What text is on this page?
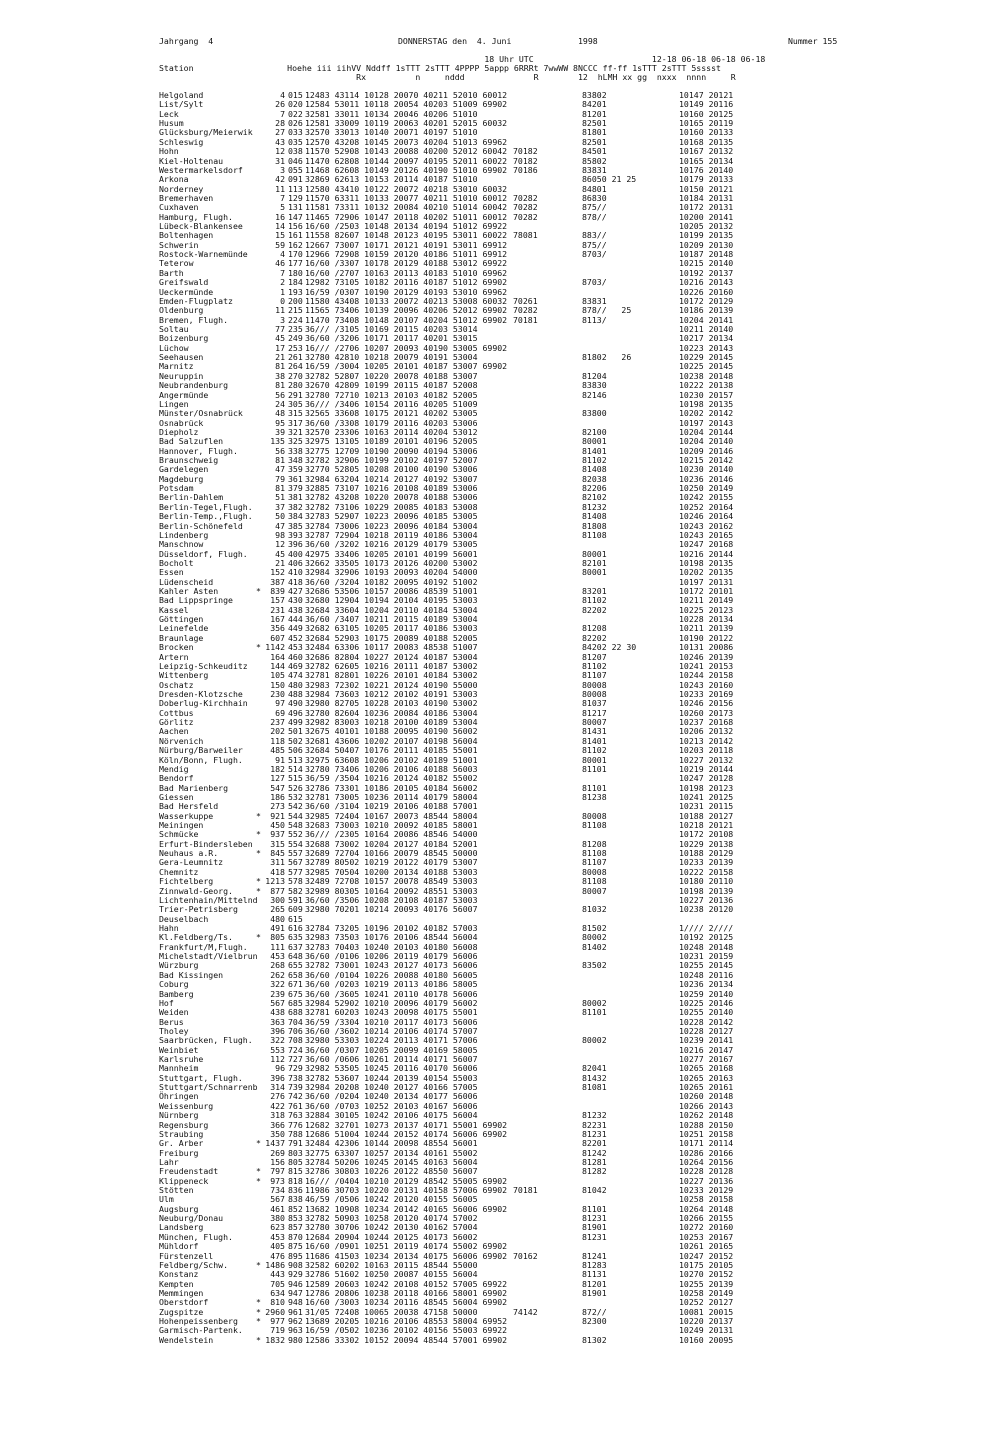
Jahrgang  4	DONNERSTAG den  4. Juni	1998	Nummer 155
18 Uhr UTC                        12-18 06-18 06-18 06-18
Station                   Hoehe iii iihVV Nddff 1sTTT 2sTTT 4PPPP 5appp 6RRRt 7wwWW 8NCCC ff-ff 1sTTT 2sTTT 5sssst
Rx          n     nddd              R        12  hLMH xx gg  nxxx  nnnn     R
Helgoland	4 015 12483 43114 10128 20070 40211 52010 60012	83802	10147 20121
List/Sylt	26 020 12584 53011 10118 20054 40203 51009 69902	84201	10149 20116
Leck	7 022 32581 33011 10134 20046 40206 51010	81201	10160 20125
Husum	28 026 12581 33009 10119 20063 40201 52015 60032	82501	10165 20119
Glücksburg/Meierwik	27 033 32570 33013 10140 20071 40197 51010	81801	10160 20133
Schleswig	43 035 12570 43208 10145 20073 40204 51013 69962	82501	10168 20135
Hohn	12 038 11570 52908 10143 20088 40200 52012 60042 70182	84501	10167 20132
Kiel-Holtenau	31 046 11470 62808 10144 20097 40195 52011 60022 70182	85802	10165 20134
Westermarkelsdorf	3 055 11468 62608 10149 20126 40190 51010 69902 70186	83831	10176 20140
Arkona	42 091 32869 62613 10153 20114 40187 51010	86050 21 25	10179 20133
Norderney	11 113 12580 43410 10122 20072 40218 53010 60032	84801	10150 20121
Bremerhaven	7 129 11570 63311 10133 20077 40211 51010 60012 70282	86830	10184 20131
Cuxhaven	5 131 11581 73311 10132 20084 40210 51014 60042 70282	875//	10172 20131
Hamburg, Flugh.	16 147 11465 72906 10147 20118 40202 51011 60012 70282	878//	10200 20141
Lübeck-Blankensee	14 156 16/60 /2503 10148 20134 40194 51012 69922	10205 20132
Boltenhagen	15 161 11558 82607 10148 20123 40195 53011 60022 78081	883//	10199 20135
Schwerin	59 162 12667 73007 10171 20121 40191 53011 69912	875//	10209 20130
Rostock-Warnemünde	4 170 12966 72908 10159 20120 40186 51011 69912	8703/	10187 20148
Teterow	46 177 16/60 /3307 10178 20129 40188 53012 69922	10215 20140
Barth	7 180 16/60 /2707 10163 20113 40183 51010 69962	10192 20137
Greifswald	2 184 12982 73105 10182 20116 40187 51012 69902	8703/	10216 20143
Ueckermünde	1 193 16/59 /0307 10190 20129 40193 53010 69962	10226 20160
Emden-Flugplatz	0 200 11580 43408 10133 20072 40213 53008 60032 70261	83831	10172 20129
Oldenburg	11 215 11565 73406 10139 20096 40206 52012 69902 70282	878//   25	10186 20139
Bremen, Flugh.	3 224 11470 73408 10148 20107 40204 51012 69902 70181	8113/	10204 20141
Soltau	77 235 36/// /3105 10169 20115 40203 53014	10211 20140
Boizenburg	45 249 36/60 /3206 10171 20117 40201 53015	10217 20134
Lüchow	17 253 16/// /2706 10207 20093 40190 53005 69902	10223 20143
Seehausen	21 261 32780 42810 10218 20079 40191 53004	81802   26	10229 20145
Marnitz	81 264 16/59 /3004 10205 20101 40187 53007 69902	10225 20145
Neuruppin	38 270 32782 52807 10220 20078 40188 53007	81204	10238 20148
Neubrandenburg	81 280 32670 42809 10199 20115 40187 52008	83830	10222 20138
Angermünde	56 291 32780 72710 10213 20103 40182 52005	82146	10230 20157
Lingen	24 305 36/// /3406 10154 20116 40205 51009	10198 20135
Münster/Osnabrück	48 315 32565 33608 10175 20121 40202 53005	83800	10202 20142
Osnabrück	95 317 36/60 /3308 10179 20116 40203 53006	10197 20143
Diepholz	39 321 32570 23306 10163 20114 40204 53012	82100	10204 20144
Bad Salzuflen	135 325 32975 13105 10189 20101 40196 52005	80001	10204 20140
Hannover, Flugh.	56 338 32775 12709 10190 20090 40194 53006	81401	10209 20146
Braunschweig	81 348 32782 32906 10199 20102 40197 52007	81102	10215 20142
Gardelegen	47 359 32770 52805 10208 20100 40190 53006	81408	10230 20140
Magdeburg	79 361 32984 63204 10214 20127 40192 53007	82038	10236 20146
Potsdam	81 379 32885 73107 10216 20108 40189 53006	82206	10250 20149
Berlin-Dahlem	51 381 32782 43208 10220 20078 40188 53006	82102	10242 20155
Berlin-Tegel,Flugh.	37 382 32782 73106 10229 20085 40183 53008	81232	10252 20164
Berlin-Temp.,Flugh.	50 384 32783 52907 10223 20096 40185 53005	81408	10246 20164
Berlin-Schönefeld	47 385 32784 73006 10223 20096 40184 53004	81808	10243 20162
Lindenberg	98 393 32787 72904 10218 20119 40186 53004	81108	10243 20165
Manschnow	12 396 36/60 /3202 10216 20129 40179 53005	10247 20168
Düsseldorf, Flugh.	45 400 42975 33406 10205 20101 40199 56001	80001	10216 20144
Bocholt	21 406 32662 33505 10173 20126 40200 53002	82101	10198 20135
Essen	152 410 32984 32906 10193 20093 40204 54000	80001	10202 20135
Lüdenscheid	387 418 36/60 /3204 10182 20095 40192 51002	10197 20131
Kahler Asten	*	839 427 32686 53506 10157 20086 48539 51001	83201	10172 20101
Bad Lippspringe	157 430 32680 12904 10194 20104 40195 53003	81102	10211 20149
Kassel	231 438 32684 33604 10204 20110 40184 53004	82202	10225 20123
Göttingen	167 444 36/60 /3407 10211 20115 40189 53004	10228 20134
Leinefelde	356 449 32682 63105 10205 20117 40186 53003	81208	10211 20139
Braunlage	607 452 32684 52903 10175 20089 40188 52005	82202	10190 20122
Brocken	* 1142 453 32484 63306 10117 20083 48538 51007	84202 22 30	10131 20086
Artern	164 460 32686 82804 10227 20124 40187 53004	81207	10246 20139
Leipzig-Schkeuditz	144 469 32782 62605 10216 20111 40187 53002	81102	10241 20153
Wittenberg	105 474 32781 82801 10226 20101 40184 53002	81107	10244 20158
Oschatz	150 480 32983 72302 10221 20124 40190 55000	80008	10243 20160
Dresden-Klotzsche	230 488 32984 73603 10212 20102 40191 53003	80008	10233 20169
Doberlug-Kirchhain	97 490 32980 82705 10228 20103 40190 53002	81037	10246 20156
Cottbus	69 496 32780 82604 10236 20084 40186 53004	81217	10260 20173
Görlitz	237 499 32982 83003 10218 20100 40189 53004	80007	10237 20168
Aachen	202 501 32675 40101 10188 20095 40190 56002	81431	10206 20132
Nörvenich	118 502 32681 43606 10202 20107 40198 56004	81401	10213 20142
Nürburg/Barweiler	485 506 32684 50407 10176 20111 40185 55001	81102	10203 20118
Köln/Bonn, Flugh.	91 513 32975 63608 10206 20102 40189 51001	80001	10227 20132
Mendig	182 514 32780 73406 10206 20106 40188 56003	81101	10219 20144
Bendorf	127 515 36/59 /3504 10216 20124 40182 55002	10247 20128
Bad Marienberg	547 526 32786 73301 10186 20105 40184 56002	81101	10198 20123
Giessen	186 532 32781 73005 10236 20114 40179 58004	81238	10241 20125
Bad Hersfeld	273 542 36/60 /3104 10219 20106 40188 57001	10231 20115
Wasserkuppe	*	921 544 32985 72404 10167 20073 48544 58004	80008	10188 20127
Meiningen	450 548 32683 73003 10210 20092 40185 58001	81108	10218 20121
Schmücke	*	937 552 36/// /2305 10164 20086 48546 54000	10172 20108
Erfurt-Bindersleben	315 554 32688 73002 10204 20127 40184 52001	81208	10229 20138
Neuhaus a.R.	*	845 557 32689 72704 10166 20079 48545 50000	81108	10188 20129
Gera-Leumnitz	311 567 32789 80502 10219 20122 40179 53007	81107	10233 20139
Chemnitz	418 577 32985 70504 10200 20134 40188 53003	80008	10222 20158
Fichtelberg	* 1213 578 32489 72708 10157 20078 48549 53003	81108	10180 20110
Zinnwald-Georg.	*	877 582 32989 80305 10164 20092 48551 53003	80007	10198 20139
Lichtenhain/Mittelnd	300 591 36/60 /3506 10208 20108 40187 53003	10227 20136
Trier-Petrisberg	265 609 32980 70201 10214 20093 40176 56007	81032	10238 20120
Deuselbach	480 615
Hahn	491 616 32784 73205 10196 20102 40182 57003	81502	1//// 2////
Kl.Feldberg/Ts.	*	805 635 32983 73503 10176 20106 48544 56004	80002	10192 20125
Frankfurt/M,Flugh.	111 637 32783 70403 10240 20103 40180 56008	81402	10248 20148
Michelstadt/Vielbrun	453 648 36/60 /0106 10206 20119 40179 56006	10231 20159
Würzburg	268 655 32782 73001 10243 20127 40173 56006	83502	10255 20145
Bad Kissingen	262 658 36/60 /0104 10226 20088 40180 56005	10248 20116
Coburg	322 671 36/60 /0203 10219 20113 40186 58005	10236 20134
Bamberg	239 675 36/60 /3605 10241 20110 40178 56006	10259 20140
Hof	567 685 32984 52902 10210 20096 40179 56002	80002	10225 20146
Weiden	438 688 32781 60203 10243 20098 40175 55001	81101	10255 20140
Berus	363 704 36/59 /3304 10210 20117 40173 56006	10228 20142
Tholey	396 706 36/60 /3602 10214 20106 40174 57007	10228 20127
Saarbrücken, Flugh.	322 708 32980 53303 10224 20113 40171 57006	80002	10239 20141
Weinbiet	553 724 36/60 /0307 10205 20099 40169 58005	10216 20147
Karlsruhe	112 727 36/60 /0606 10261 20114 40171 56007	10277 20167
Mannheim	96 729 32982 53505 10245 20116 40170 56006	82041	10265 20168
Stuttgart, Flugh.	396 738 32782 53607 10244 20139 40154 55003	81432	10265 20163
Stuttgart/Schnarrenb	314 739 32984 20208 10240 20127 40166 57005	81081	10265 20161
Öhringen	276 742 36/60 /0204 10240 20134 40177 56006	10260 20148
Weissenburg	422 761 36/60 /0703 10252 20103 40167 56006	10266 20143
Nürnberg	318 763 32884 30105 10242 20106 40175 56004	81232	10262 20148
Regensburg	366 776 12682 32701 10273 20137 40171 55001 69902	82231	10288 20150
Straubing	350 788 12686 51004 10244 20152 40174 56006 69902	81231	10251 20158
Gr. Arber	* 1437 791 32484 42306 10144 20098 48554 56001	82201	10171 20114
Freiburg	269 803 32775 63307 10257 20134 40161 55002	81242	10286 20166
Lahr	156 805 32784 50206 10245 20145 40163 56004	81281	10264 20156
Freudenstadt	*	797 815 32786 30803 10226 20122 48550 56007	81282	10228 20128
Klippeneck	*	973 818 16/// /0404 10210 20129 48542 55005 69902	10227 20136
Stötten	734 836 11986 30703 10220 20131 40158 57006 69902 70181	81042	10233 20129
Ulm	567 838 46/59 /0506 10242 20120 40155 56005	10258 20158
Augsburg	461 852 13682 10908 10234 20142 40165 56006 69902	81101	10264 20148
Neuburg/Donau	380 853 32782 50903 10258 20120 40174 57002	81231	10266 20155
Landsberg	623 857 32780 30706 10242 20130 40162 57004	81901	10272 20160
München, Flugh.	453 870 12684 20904 10244 20125 40173 56002	81231	10253 20167
Mühldorf	405 875 16/60 /0901 10251 20119 40174 55002 69902	10261 20165
Fürstenzell	476 895 11686 41503 10234 20134 40175 56006 69902 70162	81241	10247 20152
Feldberg/Schw.	* 1486 908 32582 60202 10163 20115 48544 55000	81283	10175 20105
Konstanz	443 929 32786 51602 10250 20087 40155 56004	81131	10270 20152
Kempten	705 946 12589 20603 10242 20108 40152 57005 69922	81201	10255 20139
Memmingen	634 947 12786 20806 10238 20118 40166 58001 69902	81901	10258 20149
Oberstdorf	*	810 948 16/60 /3003 10234 20116 48545 56004 69902	10252 20127
Zugspitze	* 2960 961 31/05 72408 10065 20038 47158 50000	74142	872//	10081 20015
Hohenpeissenberg *	977 962 13689 20205 10216 20106 48553 58004 69952	82300	10220 20137
Garmisch-Partenk.	719 963 16/59 /0502 10236 20102 40156 55003 69922	10249 20131
Wendelstein	* 1832 980 12586 33302 10152 20094 48544 57001 69902	81302	10160 20095
